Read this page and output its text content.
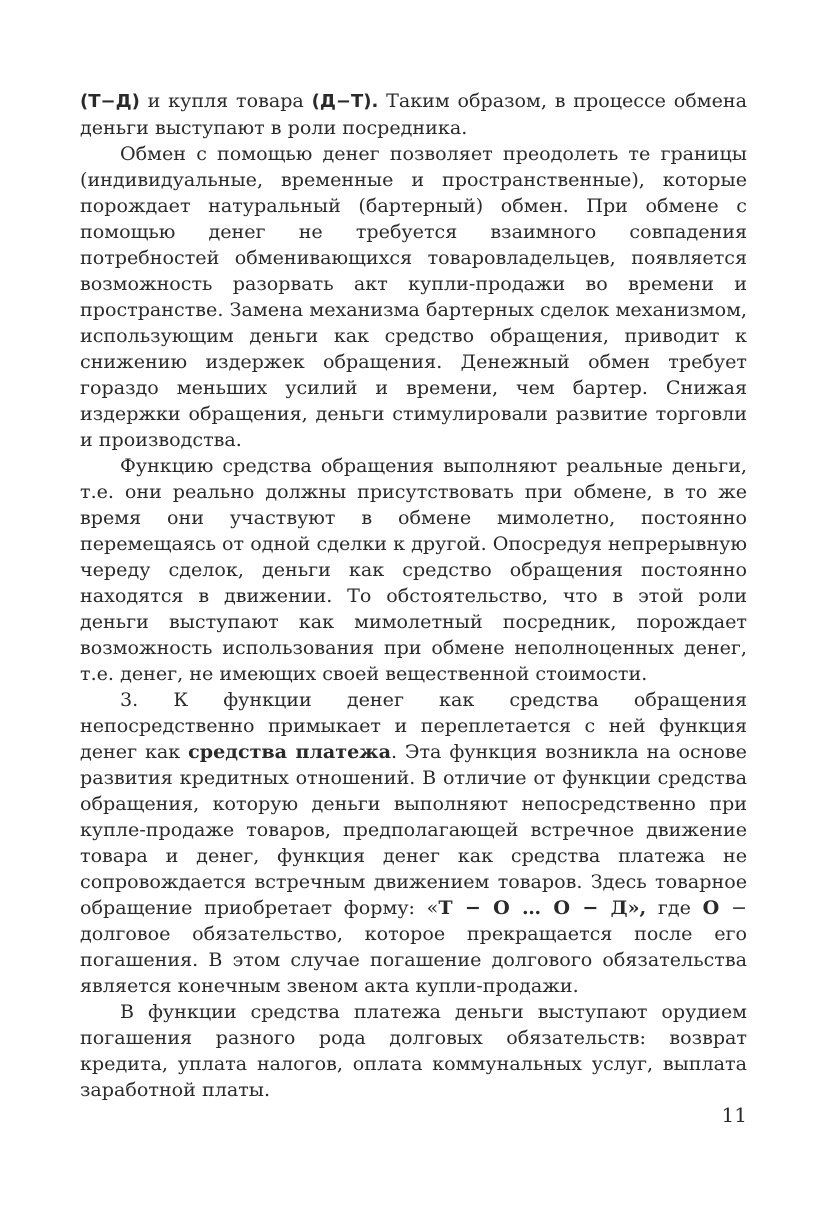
(Т−Д) и купля товара (Д−Т). Таким образом, в процессе обмена деньги выступают в роли посредника.

Обмен с помощью денег позволяет преодолеть те границы (индивидуальные, временные и пространственные), которые порождает натуральный (бартерный) обмен. При обмене с помощью денег не требуется взаимного совпадения потребностей обменивающихся товаровладельцев, появляется возможность разорвать акт купли-продажи во времени и пространстве. Замена механизма бартерных сделок механизмом, использующим деньги как средство обращения, приводит к снижению издержек обращения. Денежный обмен требует гораздо меньших усилий и времени, чем бартер. Снижая издержки обращения, деньги стимулировали развитие торговли и производства.

Функцию средства обращения выполняют реальные деньги, т.е. они реально должны присутствовать при обмене, в то же время они участвуют в обмене мимолетно, постоянно перемещаясь от одной сделки к другой. Опосредуя непрерывную череду сделок, деньги как средство обращения постоянно находятся в движении. То обстоятельство, что в этой роли деньги выступают как мимолетный посредник, порождает возможность использования при обмене неполноценных денег, т.е. денег, не имеющих своей вещественной стоимости.

3. К функции денег как средства обращения непосредственно примыкает и переплетается с ней функция денег как средства платежа. Эта функция возникла на основе развития кредитных отношений. В отличие от функции средства обращения, которую деньги выполняют непосредственно при купле-продаже товаров, предполагающей встречное движение товара и денег, функция денег как средства платежа не сопровождается встречным движением товаров. Здесь товарное обращение приобретает форму: «Т − О … О − Д», где О − долговое обязательство, которое прекращается после его погашения. В этом случае погашение долгового обязательства является конечным звеном акта купли-продажи.

В функции средства платежа деньги выступают орудием погашения разного рода долговых обязательств: возврат кредита, уплата налогов, оплата коммунальных услуг, выплата заработной платы.

11
